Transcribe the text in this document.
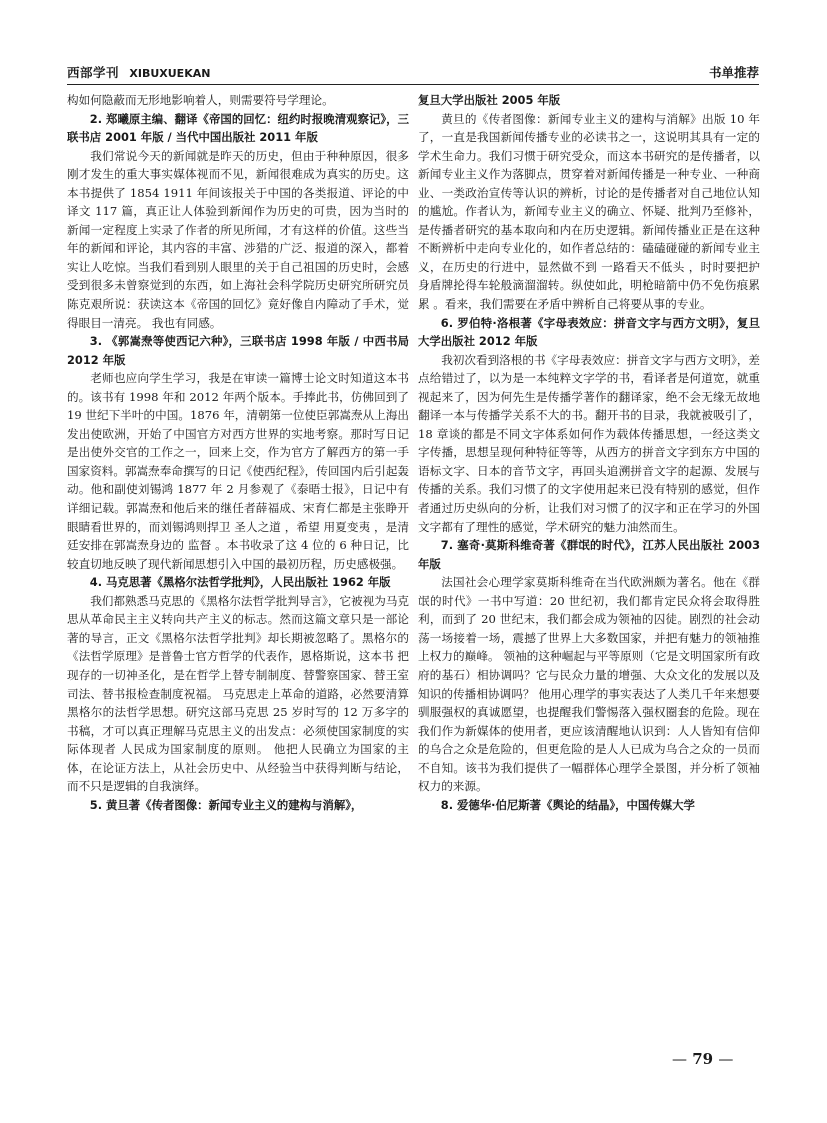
西部学刊 XIBUXUEKAN	书单推荐

构如何隐蔽而无形地影响着人，则需要符号学理论。

2. 郑曦原主编、翻译《帝国的回忆：纽约时报晚清观察记》，三联书店 2001 年版 / 当代中国出版社 2011 年版

我们常说今天的新闻就是昨天的历史，但由于种种原因，很多刚才发生的重大事实媒体视而不见，新闻很难成为真实的历史。这本书提供了 1854 1911 年间该报关于中国的各类报道、评论的中译文 117 篇，真正让人体验到新闻作为历史的可贵，因为当时的新闻一定程度上实录了作者的所见所闻，才有这样的价值。这些当年的新闻和评论，其内容的丰富、涉猎的广泛、报道的深入，都着实让人吃惊。当我们看到别人眼里的关于自己祖国的历史时，会感受到很多未曾察觉到的东西，如上海社会科学院历史研究所研究员陈克艰所说：获读这本《帝国的回忆》竟好像自内障动了手术，觉得眼目一清亮。 我也有同感。

3. 《郭嵩焘等使西记六种》，三联书店 1998 年版 / 中西书局 2012 年版

老师也应向学生学习，我是在审读一篇博士论文时知道这本书的。该书有 1998 年和 2012 年两个版本。手捧此书，仿佛回到了 19 世纪下半叶的中国。1876 年，清朝第一位使臣郭嵩焘从上海出发出使欧洲，开始了中国官方对西方世界的实地考察。那时写日记是出使外交官的工作之一，回来上交，作为官方了解西方的第一手国家资料。郭嵩焘奉命撰写的日记《使西纪程》，传回国内后引起轰动。他和副使刘锡鸿 1877 年 2 月参观了《泰晤士报》，日记中有详细记载。郭嵩焘和他后来的继任者薛福成、宋育仁都是主张睁开眼睛看世界的，而刘锡鸿则捍卫 圣人之道 ，希望 用夏变夷 ，是清廷安排在郭嵩焘身边的 监督 。本书收录了这 4 位的 6 种日记，比较直切地反映了现代新闻思想引入中国的最初历程，历史感极强。

4. 马克思著《黑格尔法哲学批判》，人民出版社 1962 年版

我们都熟悉马克思的《黑格尔法哲学批判导言》，它被视为马克思从革命民主主义转向共产主义的标志。然而这篇文章只是一部论著的导言，正文《黑格尔法哲学批判》却长期被忽略了。黑格尔的《法哲学原理》是普鲁士官方哲学的代表作，恩格斯说，这本书 把现存的一切神圣化，是在哲学上替专制制度、替警察国家、替王室司法、替书报检查制度祝福。 马克思走上革命的道路，必然要清算黑格尔的法哲学思想。研究这部马克思 25 岁时写的 12 万多字的书稿，才可以真正理解马克思主义的出发点：必须使国家制度的实际体现者 人民成为国家制度的原则。 他把人民确立为国家的主体，在论证方法上，从社会历史中、从经验当中获得判断与结论，而不只是逻辑的自我演绎。

5. 黄旦著《传者图像：新闻专业主义的建构与消解》，

复旦大学出版社 2005 年版

黄旦的《传者图像：新闻专业主义的建构与消解》出版 10 年了，一直是我国新闻传播专业的必读书之一，这说明其具有一定的学术生命力。我们习惯于研究受众，而这本书研究的是传播者，以新闻专业主义作为落脚点，贯穿着对新闻传播是一种专业、一种商业、一类政治宣传等认识的辨析，讨论的是传播者对自己地位认知的尴尬。作者认为，新闻专业主义的确立、怀疑、批判乃至修补，是传播者研究的基本取向和内在历史逻辑。新闻传播业正是在这种不断辨析中走向专业化的，如作者总结的：磕磕碰碰的新闻专业主义，在历史的行进中，显然做不到 一路看天不低头 ，时时要把护身盾牌抡得车轮般滴溜溜转。纵使如此，明枪暗箭中仍不免伤痕累累 。看来，我们需要在矛盾中辨析自己将要从事的专业。

6. 罗伯特·洛根著《字母表效应：拼音文字与西方文明》，复旦大学出版社 2012 年版

我初次看到洛根的书《字母表效应：拼音文字与西方文明》，差点给错过了，以为是一本纯粹文字学的书，看译者是何道宽，就重视起来了，因为何先生是传播学著作的翻译家，绝不会无缘无故地翻译一本与传播学关系不大的书。翻开书的目录，我就被吸引了，18 章谈的都是不同文字体系如何作为载体传播思想，一经这类文字传播，思想呈现何种特征等等，从西方的拼音文字到东方中国的语标文字、日本的音节文字，再回头追溯拼音文字的起源、发展与传播的关系。我们习惯了的文字使用起来已没有特别的感觉，但作者通过历史纵向的分析，让我们对习惯了的汉字和正在学习的外国文字都有了理性的感觉，学术研究的魅力油然而生。

7. 塞奇·莫斯科维奇著《群氓的时代》，江苏人民出版社 2003 年版

法国社会心理学家莫斯科维奇在当代欧洲颇为著名。他在《群氓的时代》一书中写道：20 世纪初，我们都肯定民众将会取得胜利，而到了 20 世纪末，我们都会成为领袖的囚徒。剧烈的社会动荡一场接着一场，震撼了世界上大多数国家，并把有魅力的领袖推上权力的巅峰。 领袖的这种崛起与平等原则（它是文明国家所有政府的基石）相协调吗？它与民众力量的增强、大众文化的发展以及知识的传播相协调吗？ 他用心理学的事实表达了人类几千年来想要驯服强权的真诚愿望，也提醒我们警惕落入强权圈套的危险。现在我们作为新媒体的使用者，更应该清醒地认识到：人人皆知有信仰的乌合之众是危险的，但更危险的是人人已成为乌合之众的一员而不自知。该书为我们提供了一幅群体心理学全景图，并分析了领袖权力的来源。

8. 爱德华·伯尼斯著《舆论的结晶》，中国传媒大学

— 79 —
